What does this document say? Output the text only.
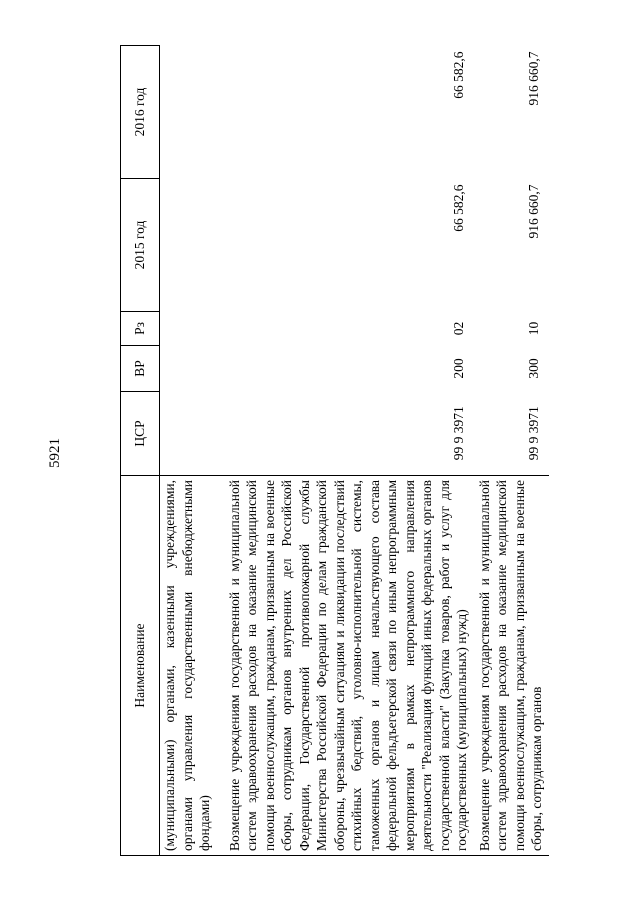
5921
Наименование	ЦСР	ВР	Рз	2015 год	2016 год
(муниципальными) органами, казенными учреждениями, органами управления государственными внебюджетными фондами)					
Возмещение учреждениям государственной и муниципальной систем здравоохранения расходов на оказание медицинской помощи военнослужащим, гражданам, призванным на военные сборы, сотрудникам органов внутренних дел Российской Федерации, Государственной противопожарной службы Министерства Российской Федерации по делам гражданской обороны, чрезвычайным ситуациям и ликвидации последствий стихийных бедствий, уголовно-исполнительной системы, таможенных органов и лицам начальствующего состава федеральной фельдъегерской связи по иным непрограммным мероприятиям в рамках непрограммного направления деятельности "Реализация функций иных федеральных органов государственной власти" (Закупка товаров, работ и услуг для государственных (муниципальных) нужд)	99 9 3971	200	02	66 582,6	66 582,6
Возмещение учреждениям государственной и муниципальной систем здравоохранения расходов на оказание медицинской помощи военнослужащим, гражданам, призванным на военные сборы, сотрудникам органов	99 9 3971	300	10	916 660,7	916 660,7
